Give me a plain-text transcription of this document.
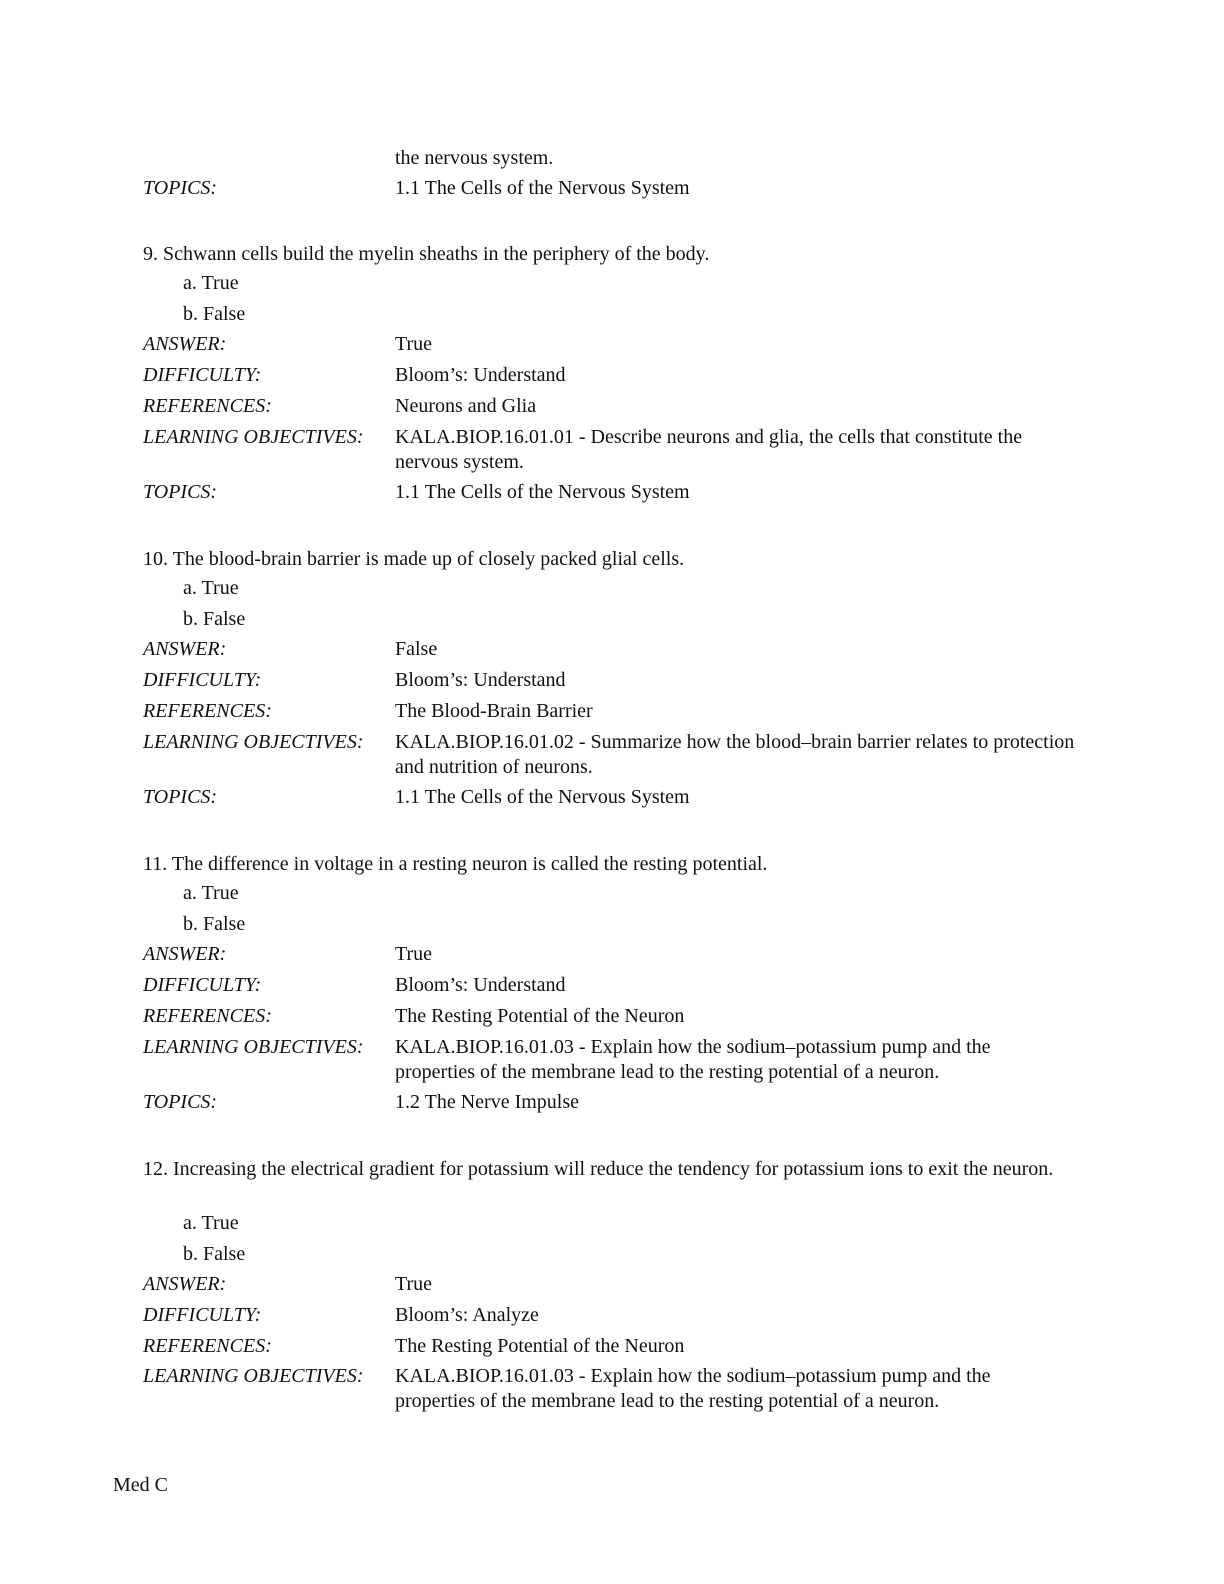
the nervous system.
TOPICS:	1.1 The Cells of the Nervous System
9. Schwann cells build the myelin sheaths in the periphery of the body.
a. True
b. False
ANSWER:	True
DIFFICULTY:	Bloom’s: Understand
REFERENCES:	Neurons and Glia
LEARNING OBJECTIVES: KALA.BIOP.16.01.01 - Describe neurons and glia, the cells that constitute the nervous system.
TOPICS:	1.1 The Cells of the Nervous System
10. The blood-brain barrier is made up of closely packed glial cells.
a. True
b. False
ANSWER:	False
DIFFICULTY:	Bloom’s: Understand
REFERENCES:	The Blood-Brain Barrier
LEARNING OBJECTIVES: KALA.BIOP.16.01.02 - Summarize how the blood–brain barrier relates to protection and nutrition of neurons.
TOPICS:	1.1 The Cells of the Nervous System
11. The difference in voltage in a resting neuron is called the resting potential.
a. True
b. False
ANSWER:	True
DIFFICULTY:	Bloom’s: Understand
REFERENCES:	The Resting Potential of the Neuron
LEARNING OBJECTIVES: KALA.BIOP.16.01.03 - Explain how the sodium–potassium pump and the properties of the membrane lead to the resting potential of a neuron.
TOPICS:	1.2 The Nerve Impulse
12. Increasing the electrical gradient for potassium will reduce the tendency for potassium ions to exit the neuron.
a. True
b. False
ANSWER:	True
DIFFICULTY:	Bloom’s: Analyze
REFERENCES:	The Resting Potential of the Neuron
LEARNING OBJECTIVES: KALA.BIOP.16.01.03 - Explain how the sodium–potassium pump and the properties of the membrane lead to the resting potential of a neuron.
Med C
